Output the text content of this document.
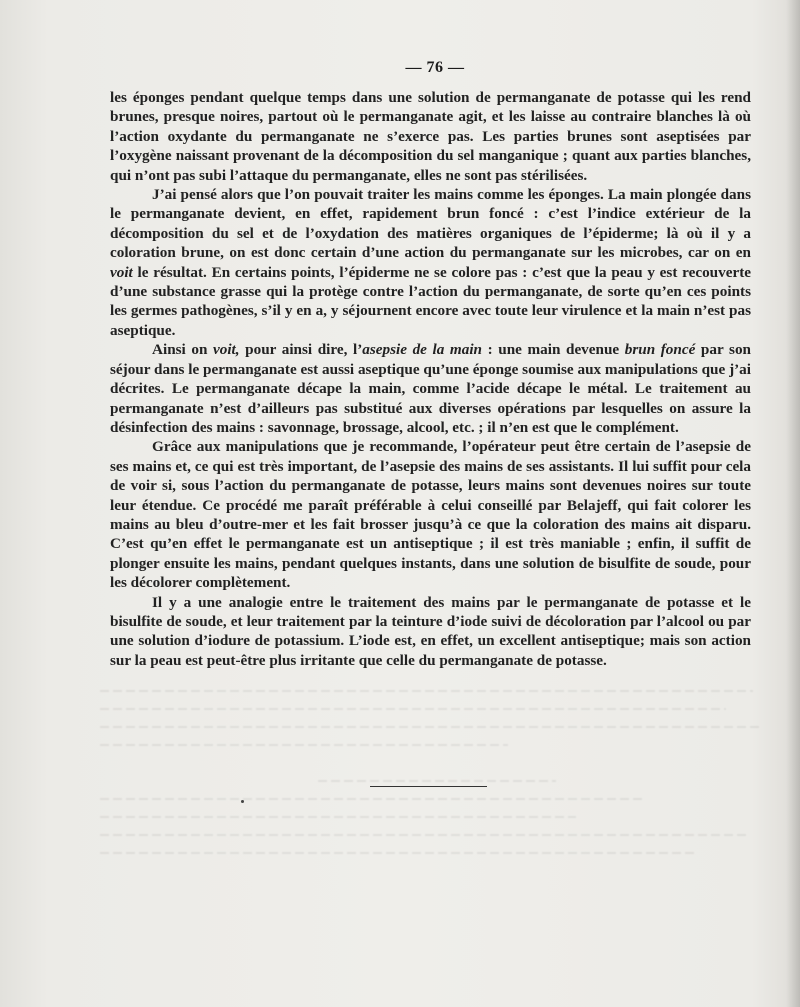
— 76 —

les éponges pendant quelque temps dans une solution de permanganate de potasse qui les rend brunes, presque noires, partout où le permanganate agit, et les laisse au contraire blanches là où l’action oxydante du permanganate ne s’exerce pas. Les parties brunes sont aseptisées par l’oxygène naissant provenant de la décomposition du sel manganique ; quant aux parties blanches, qui n’ont pas subi l’attaque du permanganate, elles ne sont pas stérilisées.

J’ai pensé alors que l’on pouvait traiter les mains comme les éponges. La main plongée dans le permanganate devient, en effet, rapidement brun foncé : c’est l’indice extérieur de la décomposition du sel et de l’oxydation des matières organiques de l’épiderme; là où il y a coloration brune, on est donc certain d’une action du permanganate sur les microbes, car on en voit le résultat. En certains points, l’épiderme ne se colore pas : c’est que la peau y est recouverte d’une substance grasse qui la protège contre l’action du permanganate, de sorte qu’en ces points les germes pathogènes, s’il y en a, y séjournent encore avec toute leur virulence et la main n’est pas aseptique.

Ainsi on voit, pour ainsi dire, l’asepsie de la main : une main devenue brun foncé par son séjour dans le permanganate est aussi aseptique qu’une éponge soumise aux manipulations que j’ai décrites. Le permanganate décape la main, comme l’acide décape le métal. Le traitement au permanganate n’est d’ailleurs pas substitué aux diverses opérations par lesquelles on assure la désinfection des mains : savonnage, brossage, alcool, etc. ; il n’en est que le complément.

Grâce aux manipulations que je recommande, l’opérateur peut être certain de l’asepsie de ses mains et, ce qui est très important, de l’asepsie des mains de ses assistants. Il lui suffit pour cela de voir si, sous l’action du permanganate de potasse, leurs mains sont devenues noires sur toute leur étendue. Ce procédé me paraît préférable à celui conseillé par Belajeff, qui fait colorer les mains au bleu d’outre-mer et les fait brosser jusqu’à ce que la coloration des mains ait disparu. C’est qu’en effet le permanganate est un antiseptique ; il est très maniable ; enfin, il suffit de plonger ensuite les mains, pendant quelques instants, dans une solution de bisulfite de soude, pour les décolorer complètement.

Il y a une analogie entre le traitement des mains par le permanganate de potasse et le bisulfite de soude, et leur traitement par la teinture d’iode suivi de décoloration par l’alcool ou par une solution d’iodure de potassium. L’iode est, en effet, un excellent antiseptique; mais son action sur la peau est peut-être plus irritante que celle du permanganate de potasse.
